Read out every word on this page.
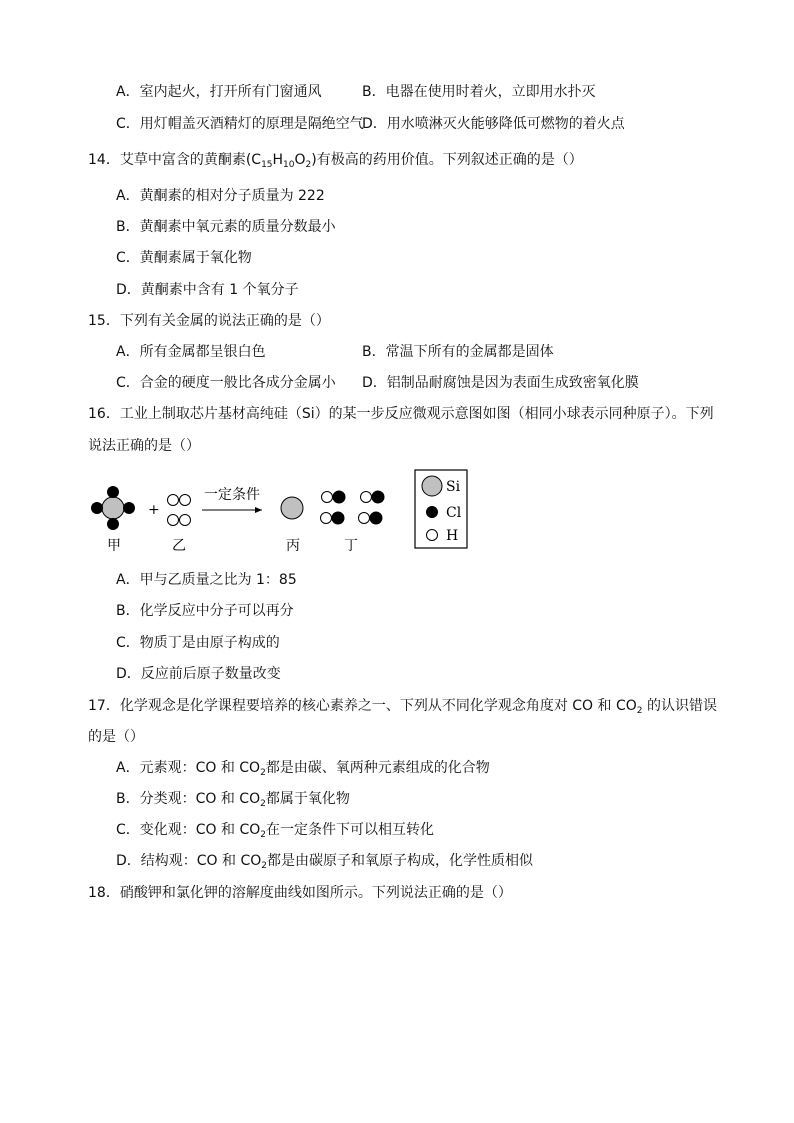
A．室内起火，打开所有门窗通风	B．电器在使用时着火，立即用水扑灭
C．用灯帽盖灭酒精灯的原理是隔绝空气
D．用水喷淋灭火能够降低可燃物的着火点
14．艾草中富含的黄酮素$(C_{15}H_{10}O_2)$有极高的药用价值。下列叙述正确的是（）
A．黄酮素的相对分子质量为 222
B．黄酮素中氧元素的质量分数最小
C．黄酮素属于氧化物
D．黄酮素中含有 1 个氧分子
15．下列有关金属的说法正确的是（）
A．所有金属都呈银白色	B．常温下所有的金属都是固体
C．合金的硬度一般比各成分金属小 D．铝制品耐腐蚀是因为表面生成致密氧化膜
16．工业上制取芯片基材高纯硅（Si）的某一步反应微观示意图如图（相同小球表示同种原子）。下列
说法正确的是（）
+
一定条件
甲	乙	丙	丁
Si
Cl
H
A．甲与乙质量之比为 1：85
B．化学反应中分子可以再分
C．物质丁是由原子构成的
D．反应前后原子数量改变
17．化学观念是化学课程要培养的核心素养之一、下列从不同化学观念角度对 CO 和 $CO_2$ 的认识错误
的是（）
A．元素观：CO 和 $CO_2$都是由碳、氧两种元素组成的化合物
B．分类观：CO 和 $CO_2$都属于氧化物
C．变化观：CO 和 $CO_2$在一定条件下可以相互转化
D．结构观：CO 和 $CO_2$都是由碳原子和氧原子构成，化学性质相似
18．硝酸钾和氯化钾的溶解度曲线如图所示。下列说法正确的是（）
